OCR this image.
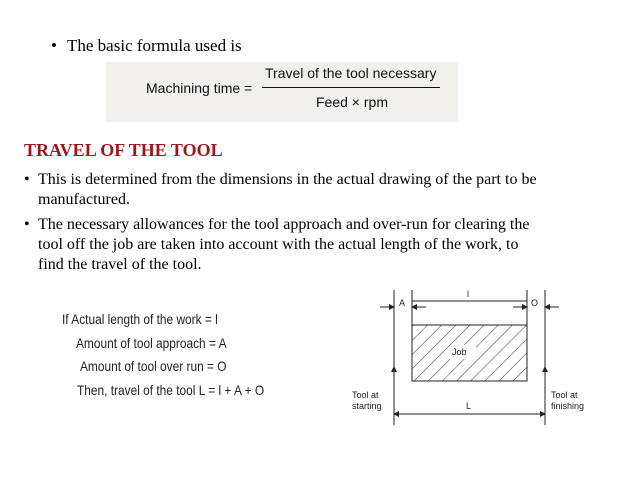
• The basic formula used is
Machining time =
Travel of the tool necessary
Feed × rpm
TRAVEL OF THE TOOL
• This is determined from the dimensions in the actual drawing of the part to be
manufactured.
• The necessary allowances for the tool approach and over-run for clearing the
tool off the job are taken into account with the actual length of the work, to
find the travel of the tool.
If Actual length of the work = l
Amount of tool approach = A
Amount of tool over run = O
Then, travel of the tool L = l + A + O
A
l
O
Job
Tool at
starting
Tool at
finishing
L
